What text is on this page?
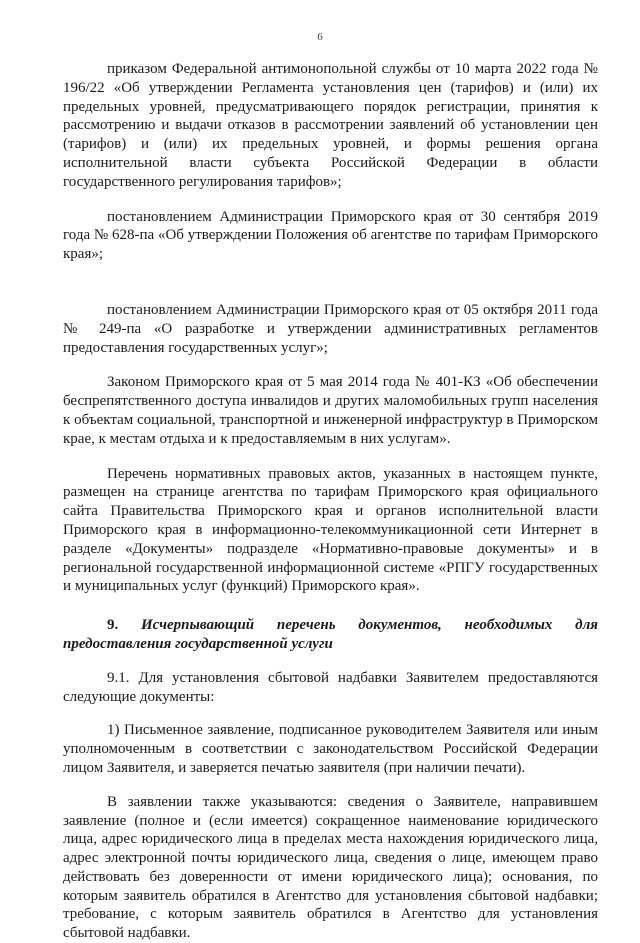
6

приказом Федеральной антимонопольной службы от 10 марта 2022 года № 196/22 «Об утверждении Регламента установления цен (тарифов) и (или) их предельных уровней, предусматривающего порядок регистрации, принятия к рассмотрению и выдачи отказов в рассмотрении заявлений об установлении цен (тарифов) и (или) их предельных уровней, и формы решения органа исполнительной власти субъекта Российской Федерации в области государственного регулирования тарифов»;

постановлением Администрации Приморского края от 30 сентября 2019 года № 628-па «Об утверждении Положения об агентстве по тарифам Приморского края»;

постановлением Администрации Приморского края от 05 октября 2011 года № 249-па «О разработке и утверждении административных регламентов предоставления государственных услуг»;

Законом Приморского края от 5 мая 2014 года № 401-КЗ «Об обеспечении беспрепятственного доступа инвалидов и других маломобильных групп населения к объектам социальной, транспортной и инженерной инфраструктур в Приморском крае, к местам отдыха и к предоставляемым в них услугам».

Перечень нормативных правовых актов, указанных в настоящем пункте, размещен на странице агентства по тарифам Приморского края официального сайта Правительства Приморского края и органов исполнительной власти Приморского края в информационно-телекоммуникационной сети Интернет в разделе «Документы» подразделе «Нормативно-правовые документы» и в региональной государственной информационной системе «РПГУ государственных и муниципальных услуг (функций) Приморского края».

9. Исчерпывающий перечень документов, необходимых для предоставления государственной услуги

9.1. Для установления сбытовой надбавки Заявителем предоставляются следующие документы:

1) Письменное заявление, подписанное руководителем Заявителя или иным уполномоченным в соответствии с законодательством Российской Федерации лицом Заявителя, и заверяется печатью заявителя (при наличии печати).

В заявлении также указываются: сведения о Заявителе, направившем заявление (полное и (если имеется) сокращенное наименование юридического лица, адрес юридического лица в пределах места нахождения юридического лица, адрес электронной почты юридического лица, сведения о лице, имеющем право действовать без доверенности от имени юридического лица); основания, по которым заявитель обратился в Агентство для установления сбытовой надбавки; требование, с которым заявитель обратился в Агентство для установления сбытовой надбавки.
